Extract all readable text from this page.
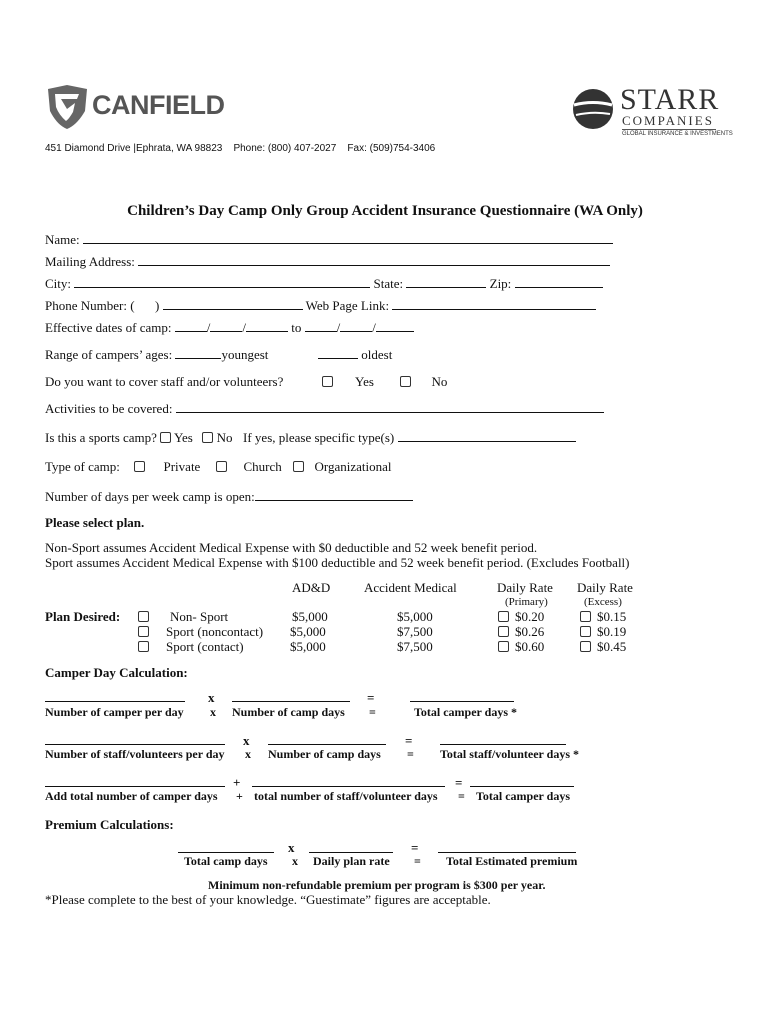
CANFIELD	STARR
COMPANIES
GLOBAL INSURANCE & INVESTMENTS
451 Diamond Drive |Ephrata, WA 98823    Phone: (800) 407-2027    Fax: (509)754-3406
Children’s Day Camp Only Group Accident Insurance Questionnaire (WA Only)
Name:
Mailing Address:
City:	State:	Zip:
Phone Number: ( )	Web Page Link:
Effective dates of camp:	/ /	to	/ /
Range of campers’ ages:	youngest	oldest
Do you want to cover staff and/or volunteers?	Yes	No
Activities to be covered:
Is this a sports camp? Yes No If yes, please specific type(s)
Type of camp:	Private	Church	Organizational
Number of days per week camp is open:
Please select plan.
Non-Sport assumes Accident Medical Expense with $0 deductible and 52 week benefit period.
Sport assumes Accident Medical Expense with $100 deductible and 52 week benefit period. (Excludes Football)
AD&D	Accident Medical	Daily Rate
(Primary)
Daily Rate
(Excess)
Plan Desired:	Non- Sport	$5,000	$5,000	$0.20	$0.15
Sport (noncontact) $5,000	$7,500	$0.26	$0.19
Sport (contact)	$5,000	$7,500	$0.60	$0.45
Camper Day Calculation:
x	=
Number of camper per day x Number of camp days =	Total camper days *
x	=
Number of staff/volunteers per day x Number of camp days = Total staff/volunteer days *
+	=
Add total number of camper days + total number of staff/volunteer days = Total camper days
Premium Calculations:
x	=
Total camp days x Daily plan rate = Total Estimated premium
Minimum non-refundable premium per program is $300 per year.
*Please complete to the best of your knowledge. “Guestimate” figures are acceptable.
